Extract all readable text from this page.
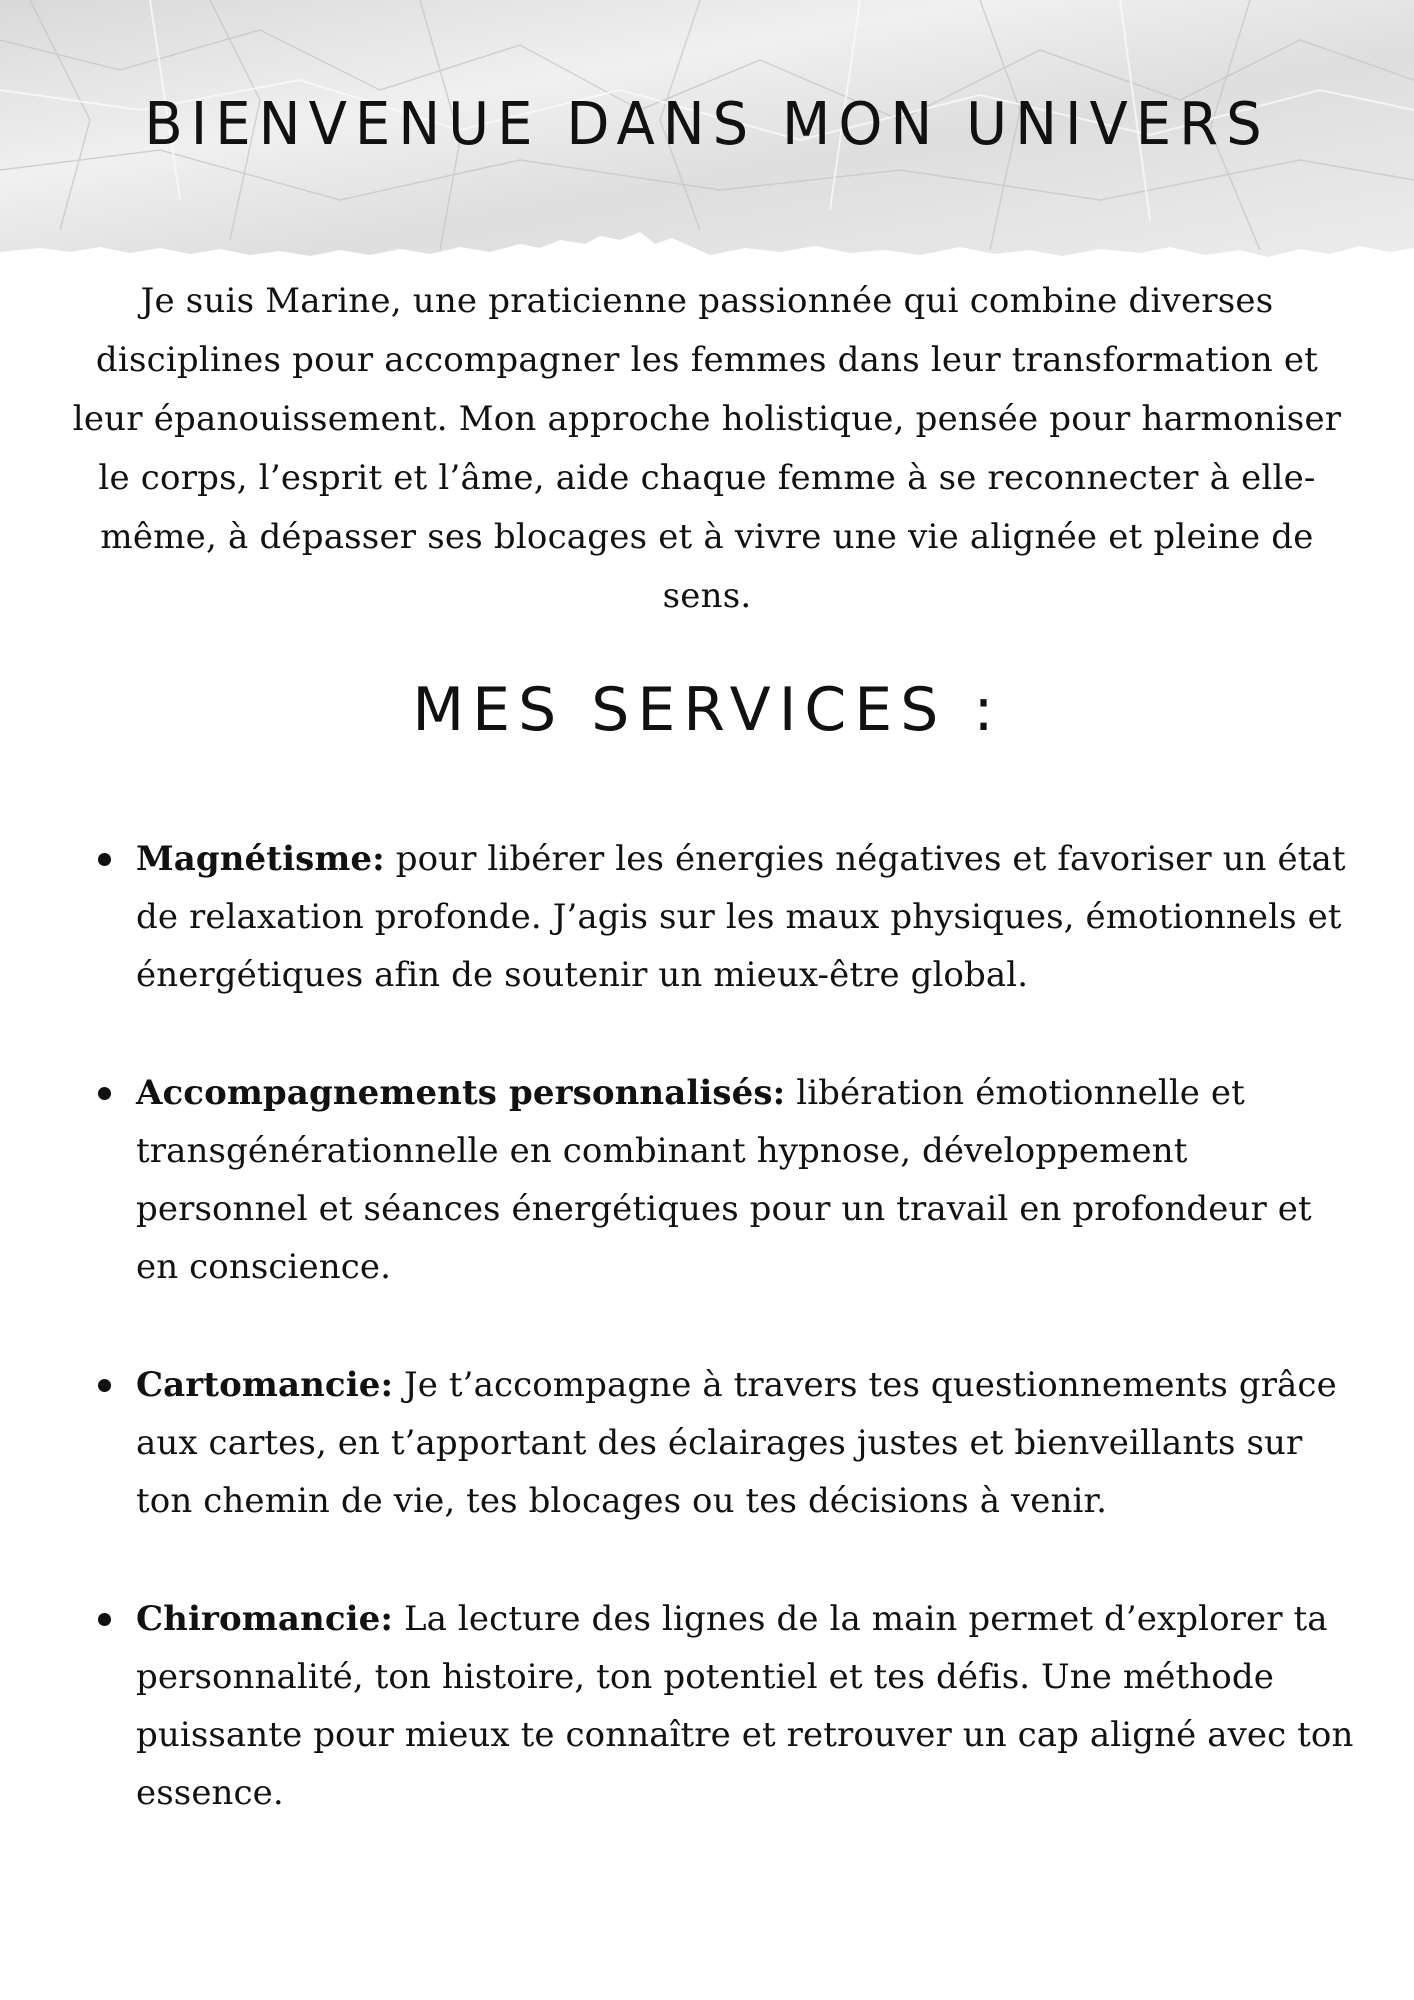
BIENVENUE DANS MON UNIVERS

Je suis Marine, une praticienne passionnée qui combine diverses disciplines pour accompagner les femmes dans leur transformation et leur épanouissement. Mon approche holistique, pensée pour harmoniser le corps, l’esprit et l’âme, aide chaque femme à se reconnecter à elle-même, à dépasser ses blocages et à vivre une vie alignée et pleine de sens.

MES SERVICES :
Magnétisme: pour libérer les énergies négatives et favoriser un état de relaxation profonde. J’agis sur les maux physiques, émotionnels et énergétiques afin de soutenir un mieux-être global.
Accompagnements personnalisés: libération émotionnelle et transgénérationnelle en combinant hypnose, développement personnel et séances énergétiques pour un travail en profondeur et en conscience.
Cartomancie: Je t’accompagne à travers tes questionnements grâce aux cartes, en t’apportant des éclairages justes et bienveillants sur ton chemin de vie, tes blocages ou tes décisions à venir.
Chiromancie: La lecture des lignes de la main permet d’explorer ta personnalité, ton histoire, ton potentiel et tes défis. Une méthode puissante pour mieux te connaître et retrouver un cap aligné avec ton essence.
